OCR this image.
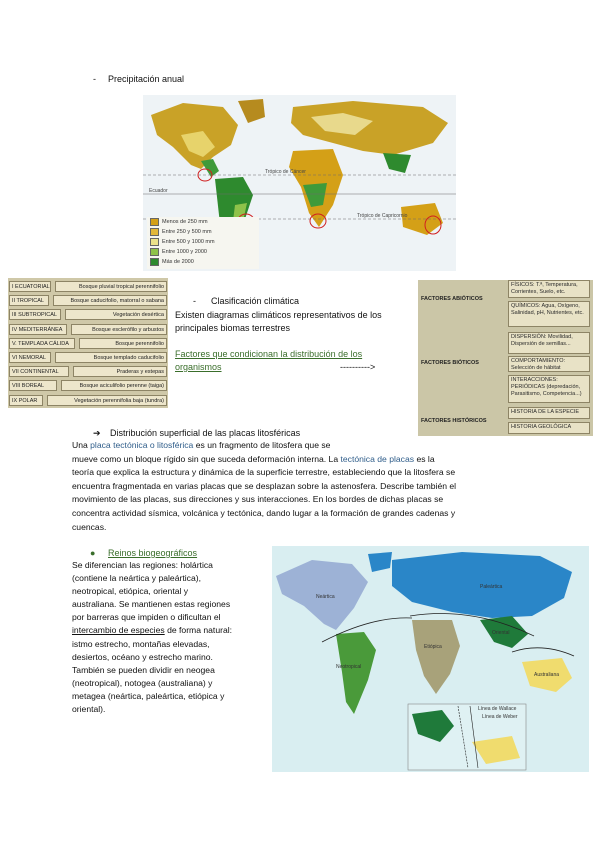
- Precipitación anual
Trópico de Cáncer
Ecuador
Trópico de Capricornio
Menos de 250 mm
Entre 250 y 500 mm
Entre 500 y 1000 mm
Entre 1000 y 2000
Más de 2000
I ECUATORIAL	Bosque pluvial tropical perennifolio
II TROPICAL	Bosque caducifolio, matorral o sabana
III SUBTROPICAL	Vegetación desértica
IV MEDITERRÁNEA	Bosque esclerófilo y arbustos
V. TEMPLADA CÁLIDA	Bosque perennifolio
VI NEMORAL	Bosque templado caducifolio
VII CONTINENTAL	Praderas y estepas
VIII BOREAL	Bosque aciculifolio perenne (taiga)
IX POLAR	Vegetación perennifolia baja (tundra)
- Clasificación climática
Existen diagramas climáticos representativos de los principales biomas terrestres
Factores que condicionan la distribución de los organismos	---------->
FACTORES ABIÓTICOS
FÍSICOS: T.ª, Temperatura, Corrientes, Suelo, etc.
QUÍMICOS: Agua, Oxígeno, Salinidad, pH, Nutrientes, etc.
FACTORES BIÓTICOS
DISPERSIÓN: Movilidad, Dispersión de semillas...
COMPORTAMIENTO: Selección de hábitat
INTERACCIONES: PERIÓDICAS (depredación, Parasitismo, Competencia...)
FACTORES HISTÓRICOS
HISTORIA DE LA ESPECIE
HISTORIA GEOLÓGICA
➔ Distribución superficial de las placas litosféricas
Una placa tectónica o litosférica es un fragmento de litosfera que se
mueve como un bloque rígido sin que suceda deformación interna. La tectónica de placas es la
teoría que explica la estructura y dinámica de la superficie terrestre, estableciendo que la litosfera se
encuentra fragmentada en varias placas que se desplazan sobre la astenosfera. Describe también el
movimiento de las placas, sus direcciones y sus interacciones. En los bordes de dichas placas se
concentra actividad sísmica, volcánica y tectónica, dando lugar a la formación de grandes cadenas y
cuencas.
● Reinos biogeográficos
Se diferencian las regiones: holártica
(contiene la neártica y paleártica),
neotropical, etiópica, oriental y
australiana. Se mantienen estas regiones
por barreras que impiden o dificultan el
intercambio de especies de forma natural:
istmo estrecho, montañas elevadas,
desiertos, océano y estrecho marino.
También se pueden dividir en neogea
(neotropical), notogea (australiana) y
metagea (neártica, paleártica, etiópica y
oriental).
Neártica
Paleártica
Neotropical
Etiópica
Oriental
Australiana
Línea de Wallace
Línea de Weber
